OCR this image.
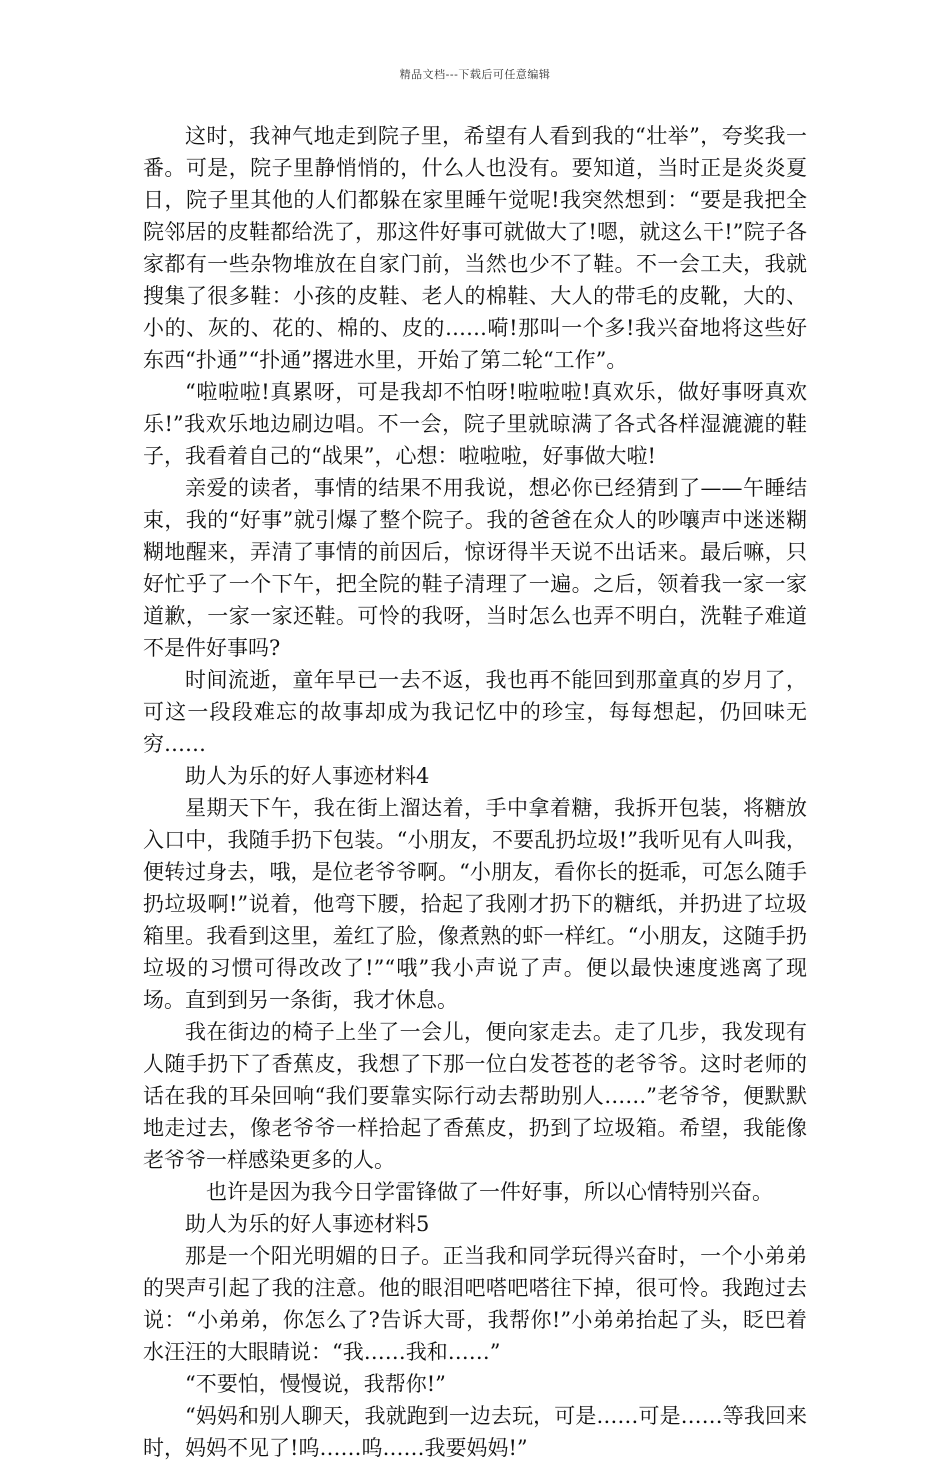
精品文档---下载后可任意编辑

这时，我神气地走到院子里，希望有人看到我的“壮举”，夸奖我一番。可是，院子里静悄悄的，什么人也没有。要知道，当时正是炎炎夏日，院子里其他的人们都躲在家里睡午觉呢!我突然想到：“要是我把全院邻居的皮鞋都给洗了，那这件好事可就做大了!嗯，就这么干!”院子各家都有一些杂物堆放在自家门前，当然也少不了鞋。不一会工夫，我就搜集了很多鞋：小孩的皮鞋、老人的棉鞋、大人的带毛的皮靴，大的、小的、灰的、花的、棉的、皮的……嗬!那叫一个多!我兴奋地将这些好东西“扑通”“扑通”撂进水里，开始了第二轮“工作”。

“啦啦啦!真累呀，可是我却不怕呀!啦啦啦!真欢乐，做好事呀真欢乐!”我欢乐地边刷边唱。不一会，院子里就晾满了各式各样湿漉漉的鞋子，我看着自己的“战果”，心想：啦啦啦，好事做大啦!

亲爱的读者，事情的结果不用我说，想必你已经猜到了——午睡结束，我的“好事”就引爆了整个院子。我的爸爸在众人的吵嚷声中迷迷糊糊地醒来，弄清了事情的前因后，惊讶得半天说不出话来。最后嘛，只好忙乎了一个下午，把全院的鞋子清理了一遍。之后，领着我一家一家道歉，一家一家还鞋。可怜的我呀，当时怎么也弄不明白，洗鞋子难道不是件好事吗?

时间流逝，童年早已一去不返，我也再不能回到那童真的岁月了，可这一段段难忘的故事却成为我记忆中的珍宝，每每想起，仍回味无穷……

助人为乐的好人事迹材料4

星期天下午，我在街上溜达着，手中拿着糖，我拆开包装，将糖放入口中，我随手扔下包装。“小朋友，不要乱扔垃圾!”我听见有人叫我，便转过身去，哦，是位老爷爷啊。“小朋友，看你长的挺乖，可怎么随手扔垃圾啊!”说着，他弯下腰，拾起了我刚才扔下的糖纸，并扔进了垃圾箱里。我看到这里，羞红了脸，像煮熟的虾一样红。“小朋友，这随手扔垃圾的习惯可得改改了!”“哦”我小声说了声。便以最快速度逃离了现场。直到到另一条街，我才休息。

我在街边的椅子上坐了一会儿，便向家走去。走了几步，我发现有人随手扔下了香蕉皮，我想了下那一位白发苍苍的老爷爷。这时老师的话在我的耳朵回响“我们要靠实际行动去帮助别人……”老爷爷，便默默地走过去，像老爷爷一样拾起了香蕉皮，扔到了垃圾箱。希望，我能像老爷爷一样感染更多的人。

也许是因为我今日学雷锋做了一件好事，所以心情特别兴奋。

助人为乐的好人事迹材料5

那是一个阳光明媚的日子。正当我和同学玩得兴奋时，一个小弟弟的哭声引起了我的注意。他的眼泪吧嗒吧嗒往下掉，很可怜。我跑过去说：“小弟弟，你怎么了?告诉大哥，我帮你!”小弟弟抬起了头，眨巴着水汪汪的大眼睛说：“我……我和……”

“不要怕，慢慢说，我帮你!”

“妈妈和别人聊天，我就跑到一边去玩，可是……可是……等我回来时，妈妈不见了!呜……呜……我要妈妈!”
